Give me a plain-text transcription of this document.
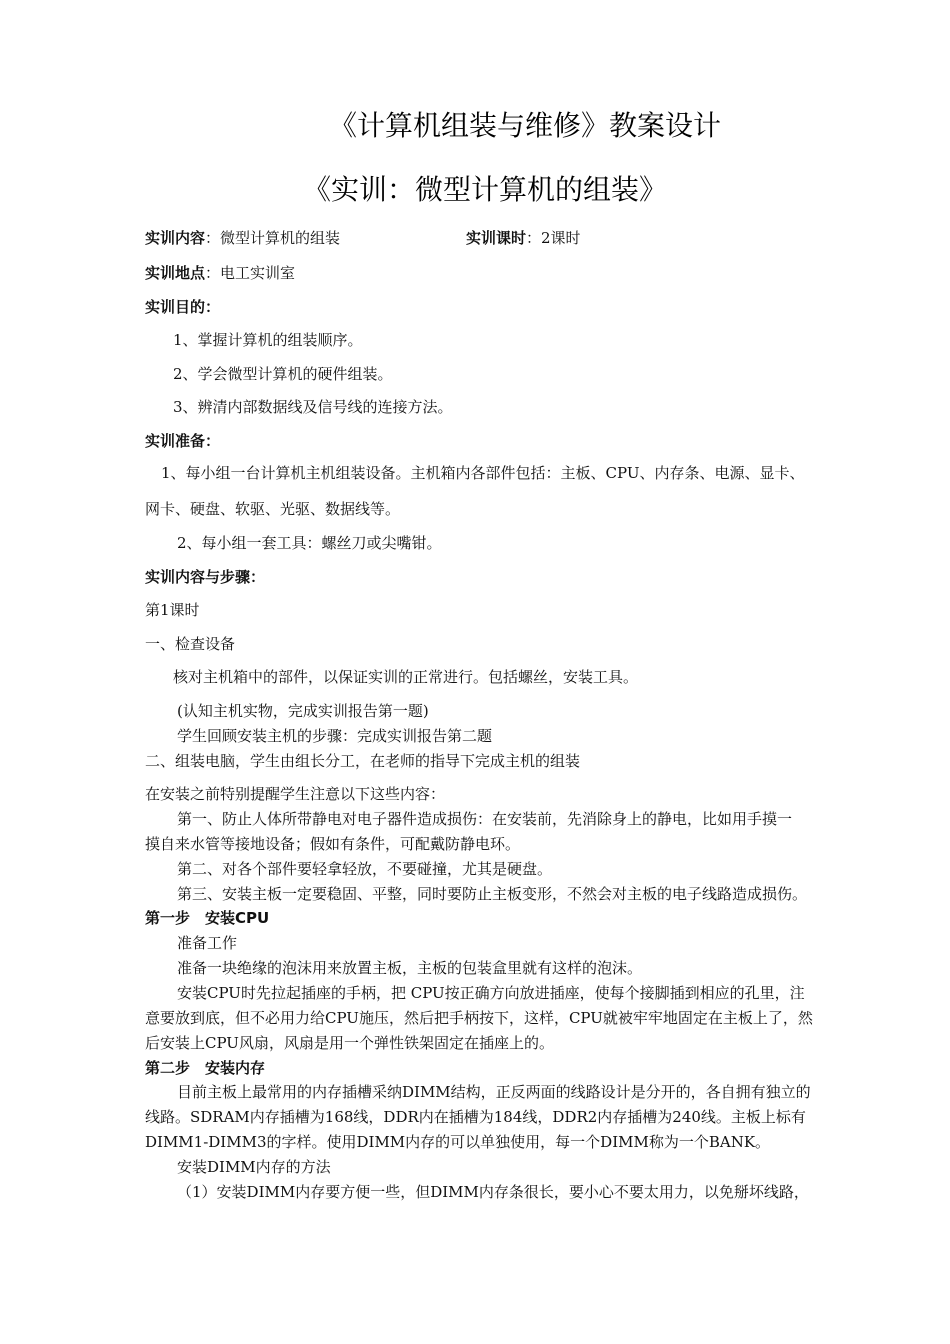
《计算机组装与维修》教案设计
《实训：微型计算机的组装》
实训内容：微型计算机的组装	实训课时：2课时
实训地点：电工实训室
实训目的：
1、掌握计算机的组装顺序。
2、学会微型计算机的硬件组装。
3、辨清内部数据线及信号线的连接方法。
实训准备：
1、每小组一台计算机主机组装设备。主机箱内各部件包括：主板、CPU、内存条、电源、显卡、
网卡、硬盘、软驱、光驱、数据线等。
2、每小组一套工具：螺丝刀或尖嘴钳。
实训内容与步骤：
第1课时
一、检查设备
核对主机箱中的部件，以保证实训的正常进行。包括螺丝，安装工具。
(认知主机实物，完成实训报告第一题)
学生回顾安装主机的步骤：完成实训报告第二题
二、组装电脑，学生由组长分工，在老师的指导下完成主机的组装
在安装之前特别提醒学生注意以下这些内容：
第一、防止人体所带静电对电子器件造成损伤：在安装前，先消除身上的静电，比如用手摸一
摸自来水管等接地设备；假如有条件，可配戴防静电环。
第二、对各个部件要轻拿轻放，不要碰撞，尤其是硬盘。
第三、安装主板一定要稳固、平整，同时要防止主板变形，不然会对主板的电子线路造成损伤。
第一步　安装CPU
准备工作
准备一块绝缘的泡沫用来放置主板，主板的包装盒里就有这样的泡沫。
安装CPU时先拉起插座的手柄，把 CPU按正确方向放进插座，使每个接脚插到相应的孔里，注
意要放到底，但不必用力给CPU施压，然后把手柄按下，这样，CPU就被牢牢地固定在主板上了，然
后安装上CPU风扇，风扇是用一个弹性铁架固定在插座上的。
第二步　安装内存
目前主板上最常用的内存插槽采纳DIMM结构，正反两面的线路设计是分开的，各自拥有独立的
线路。SDRAM内存插槽为168线，DDR内在插槽为184线，DDR2内存插槽为240线。主板上标有
DIMM1-DIMM3的字样。使用DIMM内存的可以单独使用，每一个DIMM称为一个BANK。
安装DIMM内存的方法
（1）安装DIMM内存要方便一些，但DIMM内存条很长，要小心不要太用力，以免掰坏线路，
